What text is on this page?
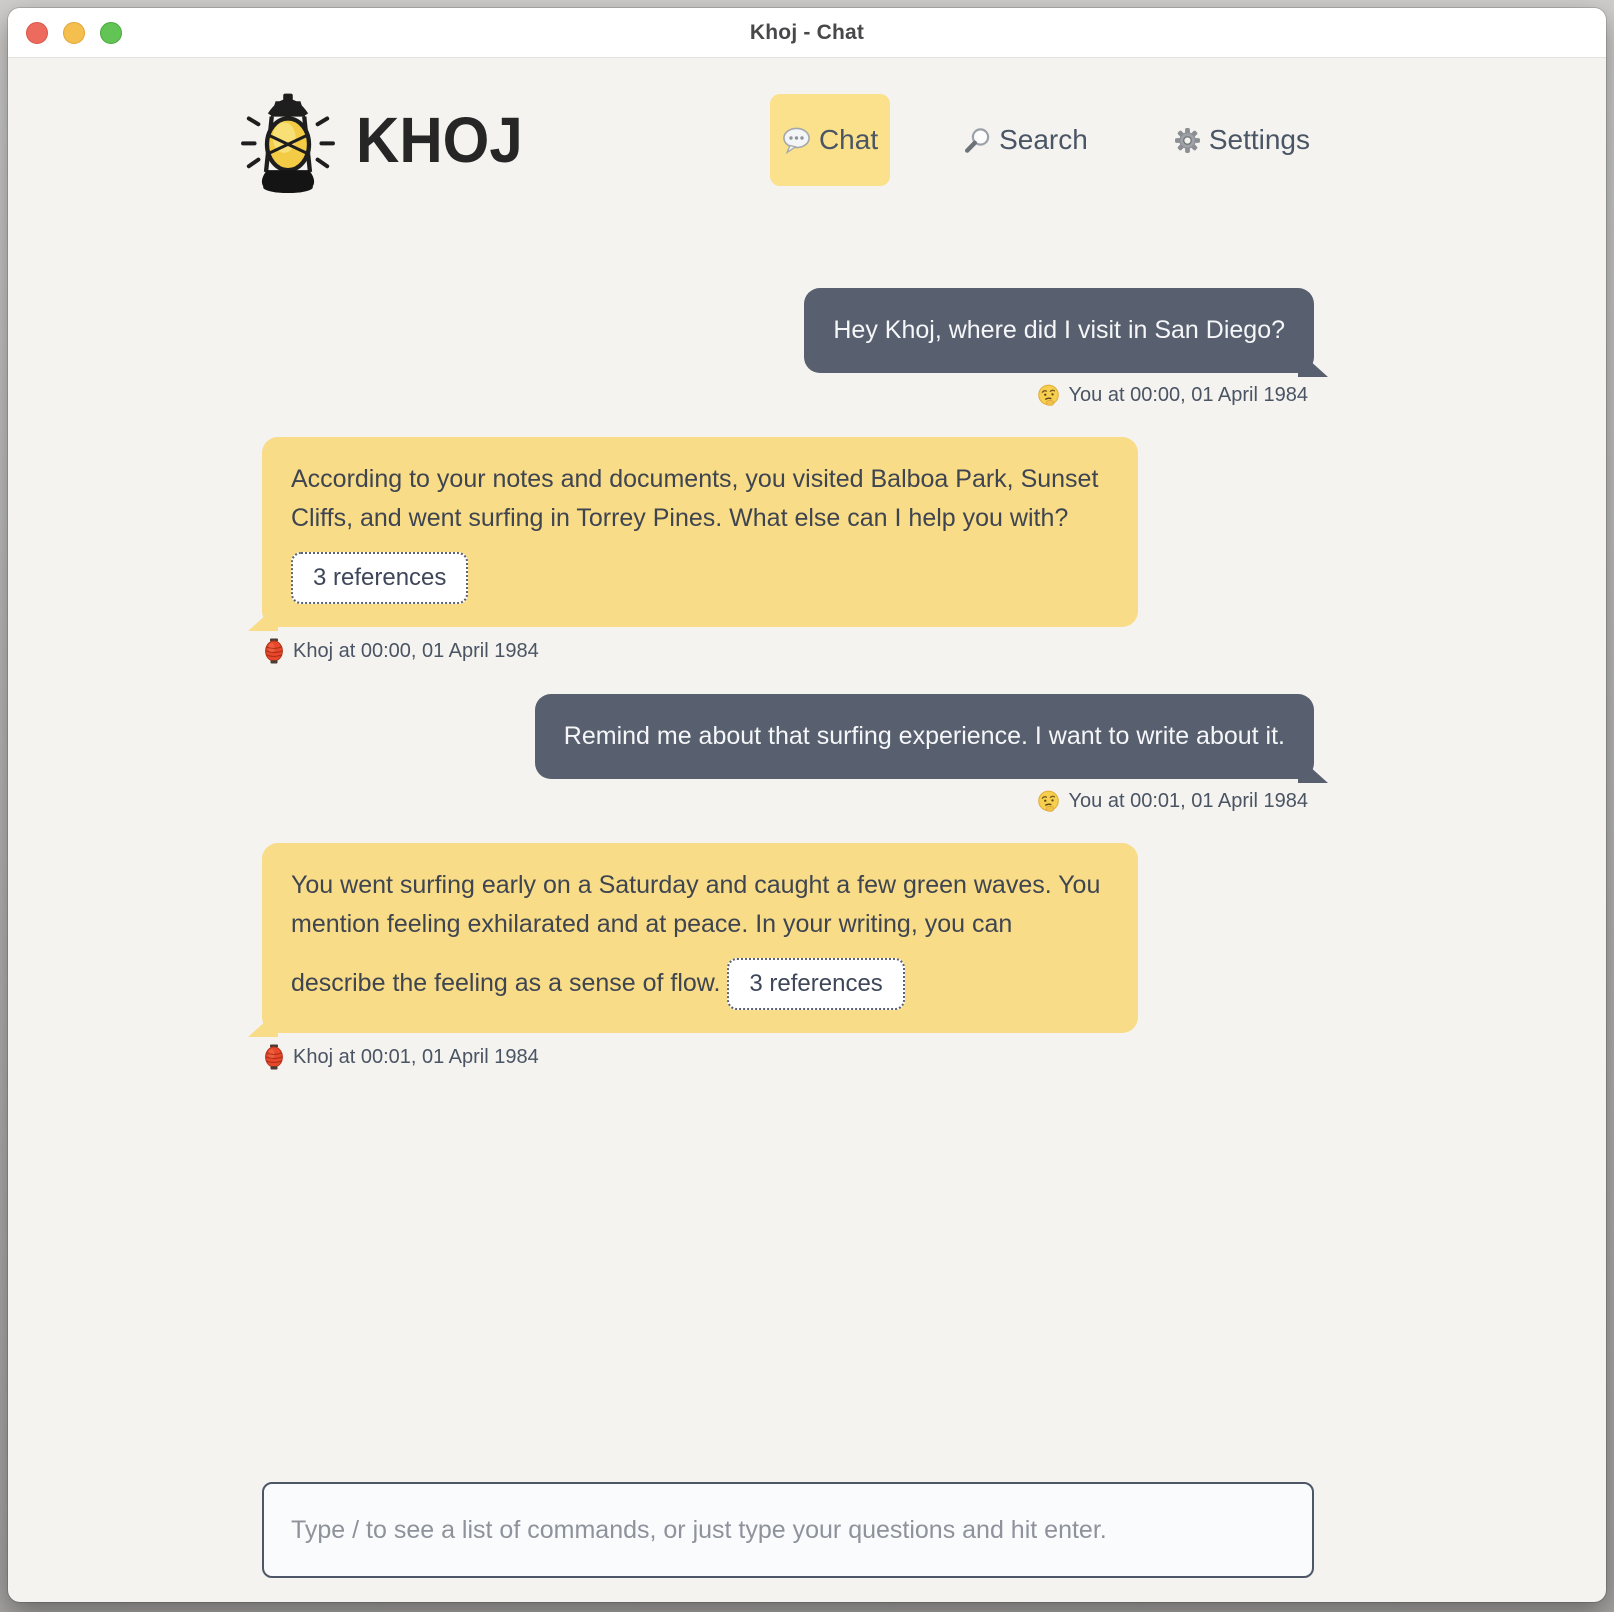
Khoj - Chat
KHOJ	Chat	Search	Settings
Hey Khoj, where did I visit in San Diego?
You at 00:00, 01 April 1984
According to your notes and documents, you visited Balboa Park, Sunset Cliffs, and went surfing in Torrey Pines. What else can I help you with? 3 references
Khoj at 00:00, 01 April 1984
Remind me about that surfing experience. I want to write about it.
You at 00:01, 01 April 1984
You went surfing early on a Saturday and caught a few green waves. You mention feeling exhilarated and at peace. In your writing, you can describe the feeling as a sense of flow. 3 references
Khoj at 00:01, 01 April 1984
Type / to see a list of commands, or just type your questions and hit enter.
